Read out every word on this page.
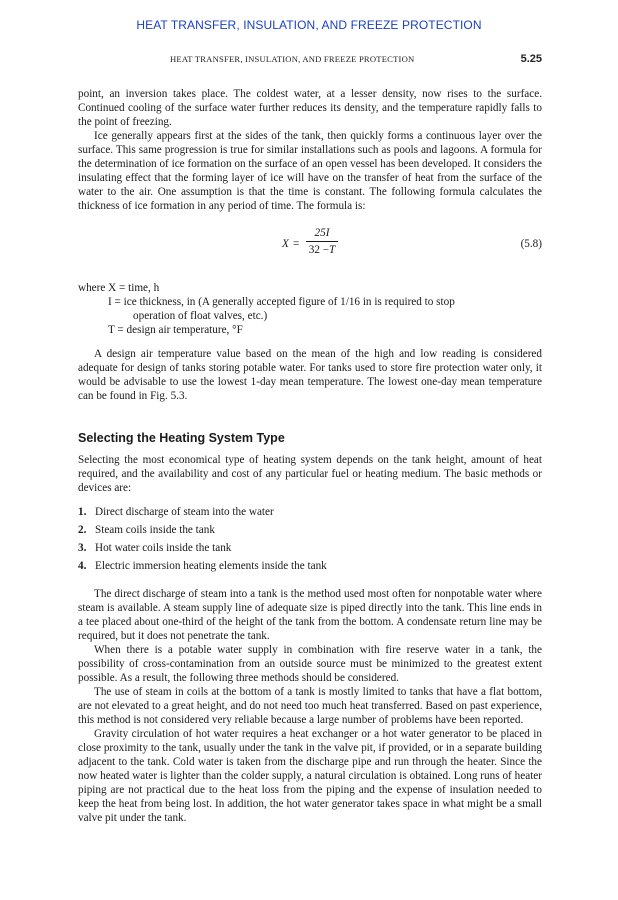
HEAT TRANSFER, INSULATION, AND FREEZE PROTECTION
HEAT TRANSFER, INSULATION, AND FREEZE PROTECTION	5.25

point, an inversion takes place. The coldest water, at a lesser density, now rises to the surface. Continued cooling of the surface water further reduces its density, and the temperature rapidly falls to the point of freezing.

Ice generally appears first at the sides of the tank, then quickly forms a continuous layer over the surface. This same progression is true for similar installations such as pools and lagoons. A formula for the determination of ice formation on the surface of an open vessel has been developed. It considers the insulating effect that the forming layer of ice will have on the transfer of heat from the surface of the water to the air. One assumption is that the time is constant. The following formula calculates the thickness of ice formation in any period of time. The formula is:

$X = \frac{25I}{32 -T}$	(5.8)
where X = time, h
I = ice thickness, in (A generally accepted figure of 1/16 in is required to stop
operation of float valves, etc.)
T = design air temperature, °F

A design air temperature value based on the mean of the high and low reading is considered adequate for design of tanks storing potable water. For tanks used to store fire protection water only, it would be advisable to use the lowest 1-day mean temperature. The lowest one-day mean temperature can be found in Fig. 5.3.

Selecting the Heating System Type

Selecting the most economical type of heating system depends on the tank height, amount of heat required, and the availability and cost of any particular fuel or heating medium. The basic methods or devices are:

1. Direct discharge of steam into the water
2. Steam coils inside the tank
3. Hot water coils inside the tank
4. Electric immersion heating elements inside the tank

The direct discharge of steam into a tank is the method used most often for nonpotable water where steam is available. A steam supply line of adequate size is piped directly into the tank. This line ends in a tee placed about one-third of the height of the tank from the bottom. A condensate return line may be required, but it does not penetrate the tank.

When there is a potable water supply in combination with fire reserve water in a tank, the possibility of cross-contamination from an outside source must be minimized to the greatest extent possible. As a result, the following three methods should be considered.

The use of steam in coils at the bottom of a tank is mostly limited to tanks that have a flat bottom, are not elevated to a great height, and do not need too much heat transferred. Based on past experience, this method is not considered very reliable because a large number of problems have been reported.

Gravity circulation of hot water requires a heat exchanger or a hot water generator to be placed in close proximity to the tank, usually under the tank in the valve pit, if provided, or in a separate building adjacent to the tank. Cold water is taken from the discharge pipe and run through the heater. Since the now heated water is lighter than the colder supply, a natural circulation is obtained. Long runs of heater piping are not practical due to the heat loss from the piping and the expense of insulation needed to keep the heat from being lost. In addition, the hot water generator takes space in what might be a small valve pit under the tank.
